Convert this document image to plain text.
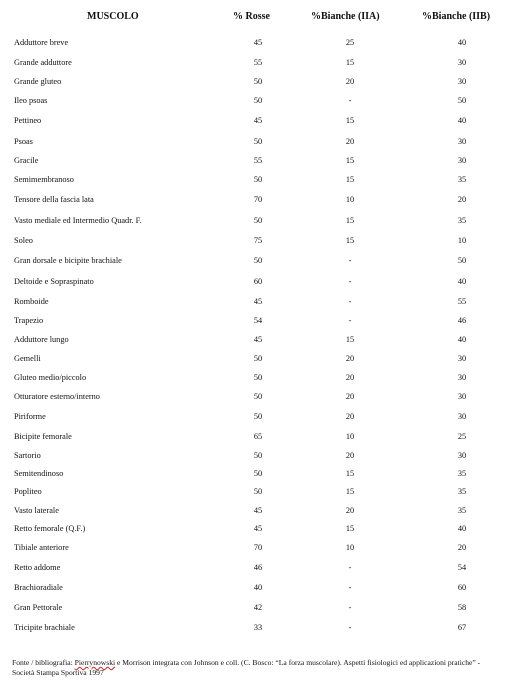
MUSCOLO	% Rosse	%Bianche (IIA)	%Bianche (IIB)
Adduttore breve	45	25	40
Grande adduttore	55	15	30
Grande gluteo	50	20	30
Ileo psoas	50	-	50
Pettineo	45	15	40
Psoas	50	20	30
Gracile	55	15	30
Semimembranoso	50	15	35
Tensore della fascia lata	70	10	20
Vasto mediale ed Intermedio Quadr. F.	50	15	35
Soleo	75	15	10
Gran dorsale e bicipite brachiale	50	-	50
Deltoide e Sopraspinato	60	-	40
Romboide	45	-	55
Trapezio	54	-	46
Adduttore lungo	45	15	40
Gemelli	50	20	30
Gluteo medio/piccolo	50	20	30
Otturatore esterno/interno	50	20	30
Piriforme	50	20	30
Bicipite femorale	65	10	25
Sartorio	50	20	30
Semitendinoso	50	15	35
Popliteo	50	15	35
Vasto laterale	45	20	35
Retto femorale (Q.F.)	45	15	40
Tibiale anteriore	70	10	20
Retto addome	46	-	54
Brachioradiale	40	-	60
Gran Pettorale	42	-	58
Tricipite brachiale	33	-	67
Fonte / bibliografia: Pierrynowski e Morrison integrata con Johnson e coll. (C. Bosco: “La forza muscolare). Aspetti fisiologici ed applicazioni pratiche” - Società Stampa Sportiva 1997
